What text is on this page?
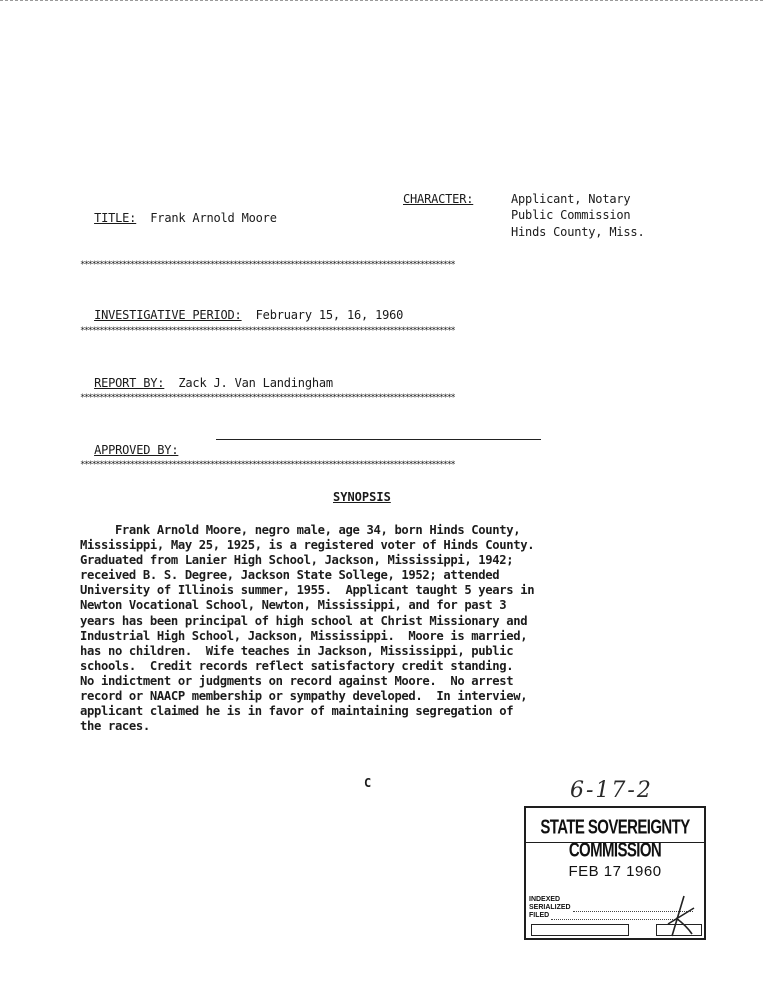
TITLE: Frank Arnold Moore

CHARACTER:	Applicant, Notary
Public Commission
Hinds County, Miss.
**************************************************************************************************

INVESTIGATIVE PERIOD: February 15, 16, 1960

**************************************************************************************************

REPORT BY: Zack J. Van Landingham

**************************************************************************************************

APPROVED BY:

**************************************************************************************************
SYNOPSIS
Frank Arnold Moore, negro male, age 34, born Hinds County,
Mississippi, May 25, 1925, is a registered voter of Hinds County.
Graduated from Lanier High School, Jackson, Mississippi, 1942;
received B. S. Degree, Jackson State Sollege, 1952; attended
University of Illinois summer, 1955.  Applicant taught 5 years in
Newton Vocational School, Newton, Mississippi, and for past 3
years has been principal of high school at Christ Missionary and
Industrial High School, Jackson, Mississippi.  Moore is married,
has no children.  Wife teaches in Jackson, Mississippi, public
schools.  Credit records reflect satisfactory credit standing.
No indictment or judgments on record against Moore.  No arrest
record or NAACP membership or sympathy developed.  In interview,
applicant claimed he is in favor of maintaining segregation of
the races.
C	6-17-2
STATE SOVEREIGNTY COMMISSION
FEB 17 1960
INDEXED
SERIALIZED
FILED
